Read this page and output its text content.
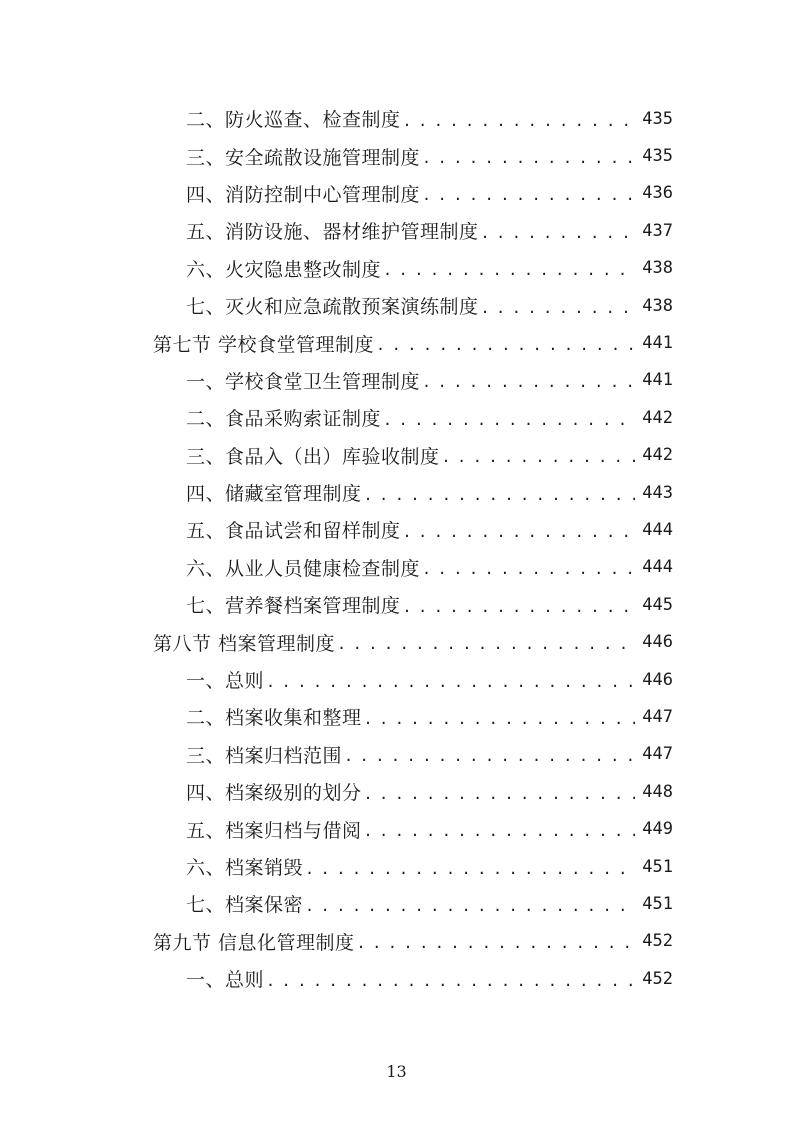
二、防火巡查、检查制度 . . .	435
三、安全疏散设施管理制度 . . .	435
四、消防控制中心管理制度 . . .	436
五、消防设施、器材维护管理制度 . . .	437
六、火灾隐患整改制度 . . .	438
七、灭火和应急疏散预案演练制度 . . .	438
第七节 学校食堂管理制度 . . .	441
一、学校食堂卫生管理制度 . . .	441
二、食品采购索证制度 . . .	442
三、食品入（出）库验收制度 . . .	442
四、储藏室管理制度 . . .	443
五、食品试尝和留样制度 . . .	444
六、从业人员健康检查制度 . . .	444
七、营养餐档案管理制度 . . .	445
第八节 档案管理制度 . . .	446
一、总则 . . .	446
二、档案收集和整理 . . .	447
三、档案归档范围 . . .	447
四、档案级别的划分 . . .	448
五、档案归档与借阅 . . .	449
六、档案销毁 . . .	451
七、档案保密 . . .	451
第九节 信息化管理制度 . . .	452
一、总则 . . .	452
13
